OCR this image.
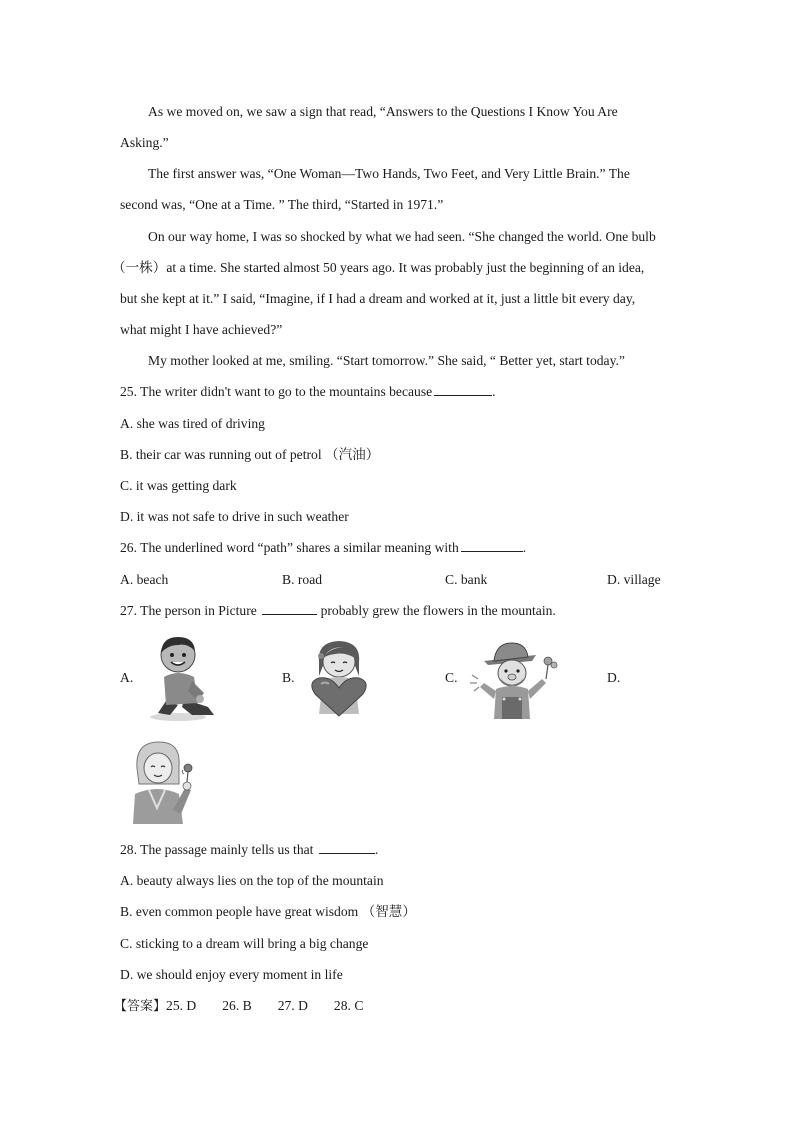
As we moved on, we saw a sign that read, “Answers to the Questions I Know You Are
Asking.”
The first answer was, “One Woman—Two Hands, Two Feet, and Very Little Brain.” The
second was, “One at a Time. ” The third, “Started in 1971.”
On our way home, I was so shocked by what we had seen. “She changed the world. One bulb
（一株）at a time. She started almost 50 years ago. It was probably just the beginning of an idea,
but she kept at it.” I said, “Imagine, if I had a dream and worked at it, just a little bit every day,
what might I have achieved?”
My mother looked at me, smiling. “Start tomorrow.” She said, “ Better yet, start today.”
25. The writer didn't want to go to the mountains because	.
A. she was tired of driving
B. their car was running out of petrol （汽油）
C. it was getting dark
D. it was not safe to drive in such weather
26. The underlined word “path” shares a similar meaning with	.
A. beach	B. road	C. bank	D. village
27. The person in Picture	probably grew the flowers in the mountain.
A.	B.	C.	D.
28. The passage mainly tells us that	.
A. beauty always lies on the top of the mountain
B. even common people have great wisdom （智慧）
C. sticking to a dream will bring a big change
D. we should enjoy every moment in life
【答案】25. D 26. B 27. D 28. C
